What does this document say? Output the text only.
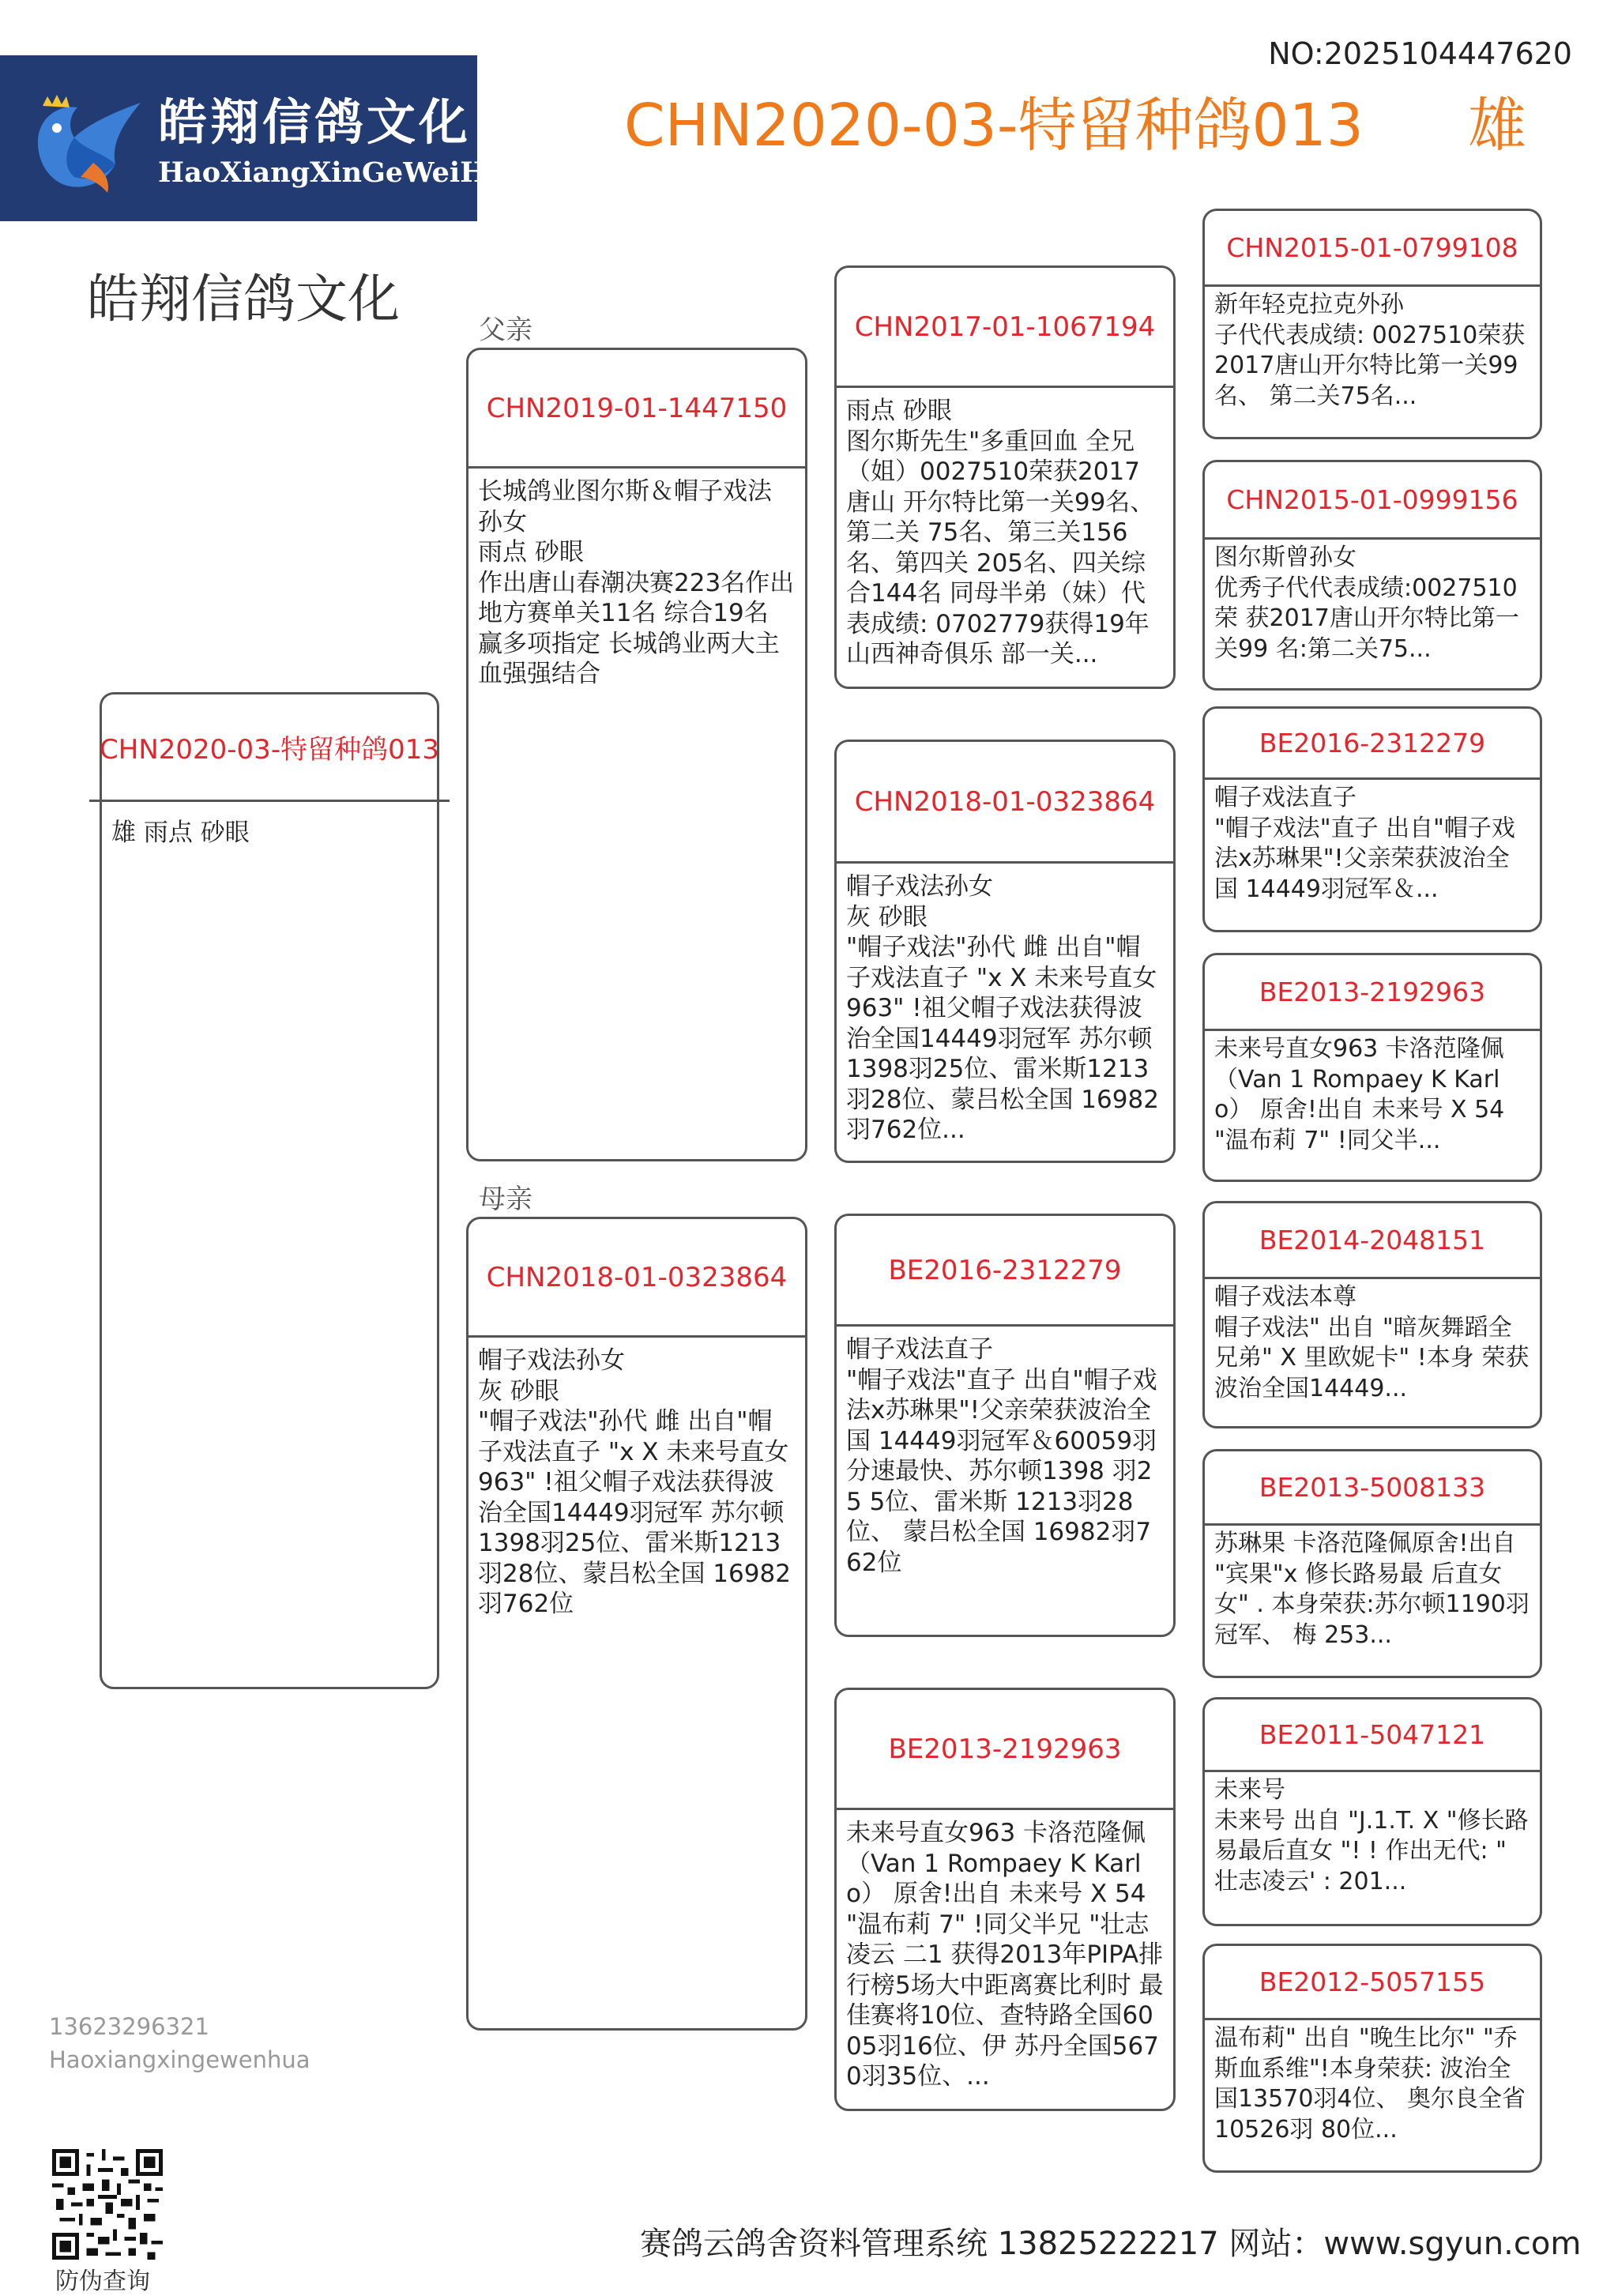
皓翔信鸽文化
HaoXiangXinGeWeiHua
NO:2025104447620
CHN2020-03-特留种鸽013 雄
皓翔信鸽文化
父亲
母亲
CHN2020-03-特留种鸽013
雄 雨点 砂眼
CHN2019-01-1447150
长城鸽业图尔斯＆帽子戏法孙女
雨点 砂眼
作出唐山春潮决赛223名作出地方赛单关11名 综合19名 赢多项指定 长城鸽业两大主血强强结合
CHN2018-01-0323864
帽子戏法孙女
灰 砂眼
"帽子戏法"孙代 雌 出自"帽子戏法直子 "x X 未来号直女963" !祖父帽子戏法获得波治全国14449羽冠军 苏尔顿1398羽25位、雷米斯1213羽28位、蒙吕松全国 16982羽762位
CHN2017-01-1067194
雨点 砂眼
图尔斯先生"多重回血 全兄（姐）0027510荣获2017唐山 开尔特比第一关99名、第二关 75名、第三关156名、第四关 205名、四关综合144名 同母半弟（妹）代表成绩: 0702779获得19年山西神奇俱乐 部一关...
CHN2018-01-0323864
帽子戏法孙女
灰 砂眼
"帽子戏法"孙代 雌 出自"帽子戏法直子 "x X 未来号直女963" !祖父帽子戏法获得波治全国14449羽冠军 苏尔顿1398羽25位、雷米斯1213羽28位、蒙吕松全国 16982羽762位...
BE2016-2312279
帽子戏法直子
"帽子戏法"直子 出自"帽子戏法x苏琳果"!父亲荣获波治全国 14449羽冠军＆60059羽分速最快、苏尔顿1398 羽25 5位、雷米斯 1213羽28位、 蒙吕松全国 16982羽762位
BE2013-2192963
未来号直女963 卡洛范隆佩 （Van 1 Rompaey K Karlo） 原舍!出自 未来号 X 54 "温布莉 7" !同父半兄 "壮志凌云 二1 获得2013年PIPA排行榜5场大中距离赛比利时 最佳赛将10位、查特路全国6005羽16位、伊 苏丹全国5670羽35位、...
CHN2015-01-0799108
新年轻克拉克外孙
子代代表成绩: 0027510荣获 2017唐山开尔特比第一关99 名、 第二关75名...
CHN2015-01-0999156
图尔斯曾孙女
优秀子代代表成绩:0027510荣 获2017唐山开尔特比第一关99 名:第二关75...
BE2016-2312279
帽子戏法直子
"帽子戏法"直子 出自"帽子戏法x苏琳果"!父亲荣获波治全国 14449羽冠军＆...
BE2013-2192963
未来号直女963 卡洛范隆佩 （Van 1 Rompaey K Karlo） 原舍!出自 未来号 X 54 "温布莉 7" !同父半...
BE2014-2048151
帽子戏法本尊
帽子戏法" 出自 "暗灰舞蹈全兄弟" X 里欧妮卡" !本身 荣获波治全国14449...
BE2013-5008133
苏琳果 卡洛范隆佩原舍!出自 "宾果"x 修长路易最 后直女 女" . 本身荣获:苏尔顿1190羽冠军、 梅 253...
BE2011-5047121
未来号
未来号 出自 "J.1.T. X "修长路易最后直女 "! ! 作出无代: " 壮志凌云' : 201...
BE2012-5057155
温布莉" 出自 "晚生比尔" "乔斯血系维"!本身荣获: 波治全国13570羽4位、 奥尔良全省10526羽 80位...
13623296321
Haoxiangxingewenhua
防伪查询
赛鸽云鸽舍资料管理系统 13825222217 网站：www.sgyun.com
